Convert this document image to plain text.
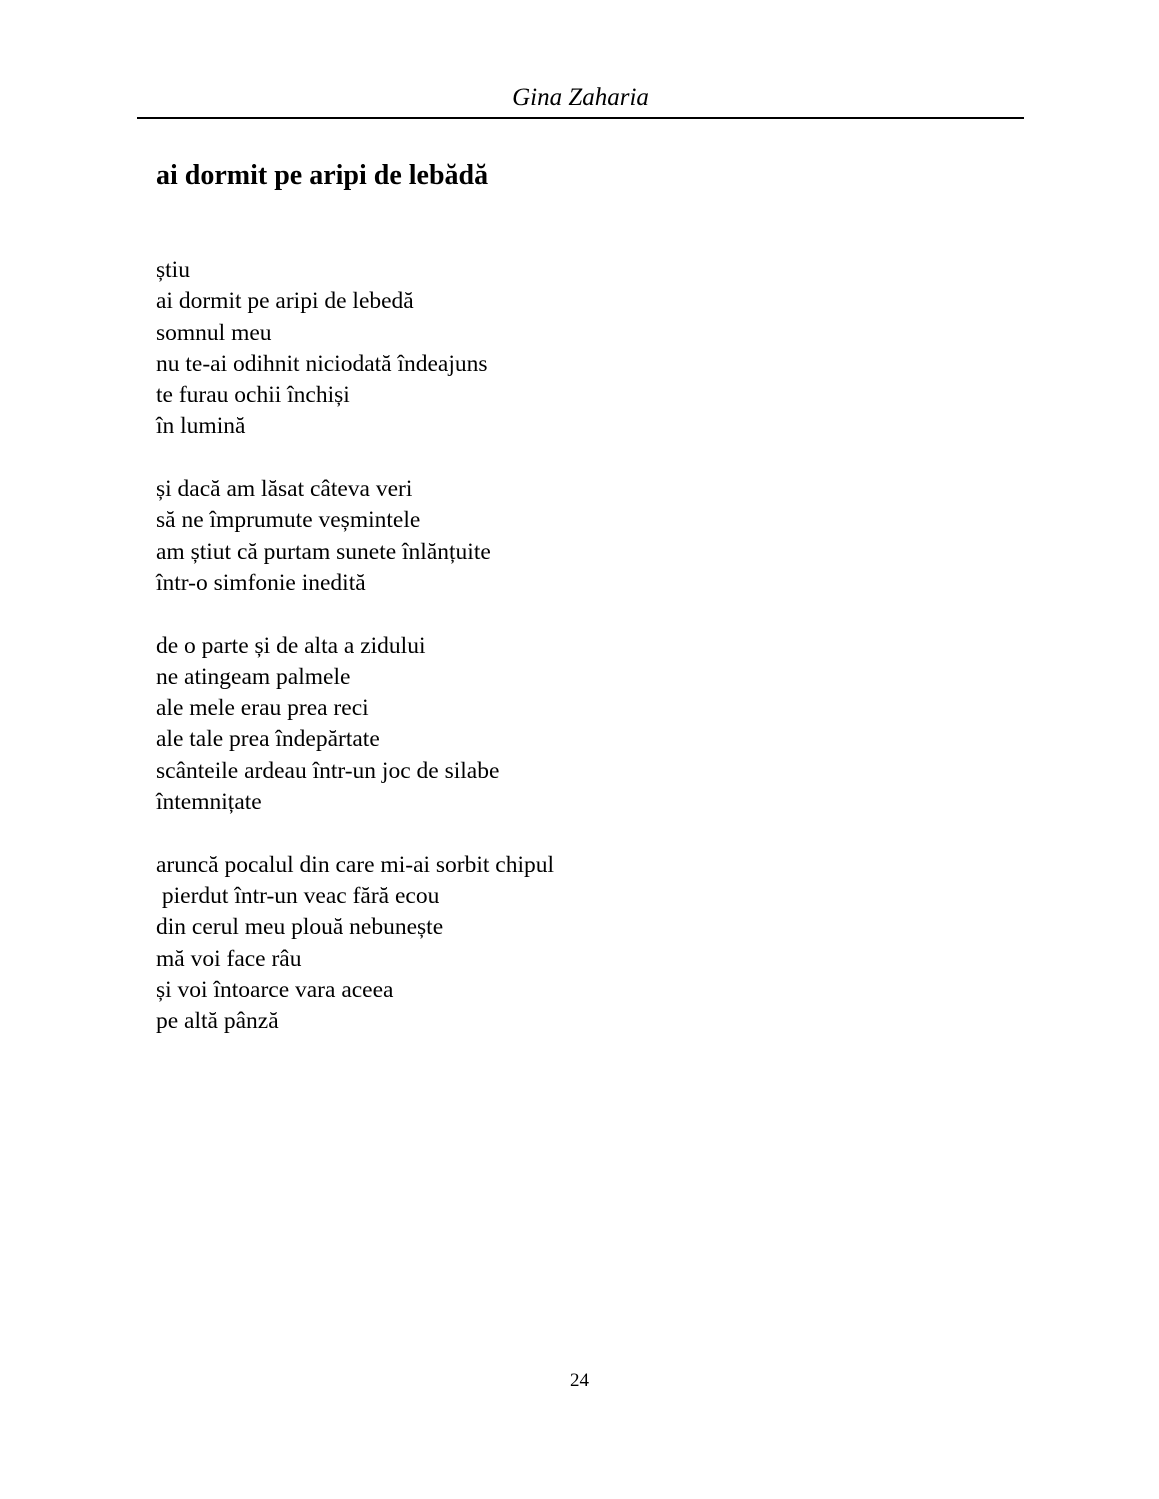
Gina Zaharia
ai dormit pe aripi de lebădă
știu
ai dormit pe aripi de lebedă
somnul meu
nu te-ai odihnit niciodată îndeajuns
te furau ochii închiși
în lumină
și dacă am lăsat câteva veri
să ne împrumute veșmintele
am știut că purtam sunete înlănțuite
într-o simfonie inedită
de o parte și de alta a zidului
ne atingeam palmele
ale mele erau prea reci
ale tale prea îndepărtate
scânteile ardeau într-un joc de silabe
întemnițate
aruncă pocalul din care mi-ai sorbit chipul
pierdut într-un veac fără ecou
din cerul meu plouă nebunește
mă voi face râu
și voi întoarce vara aceea
pe altă pânză
24
